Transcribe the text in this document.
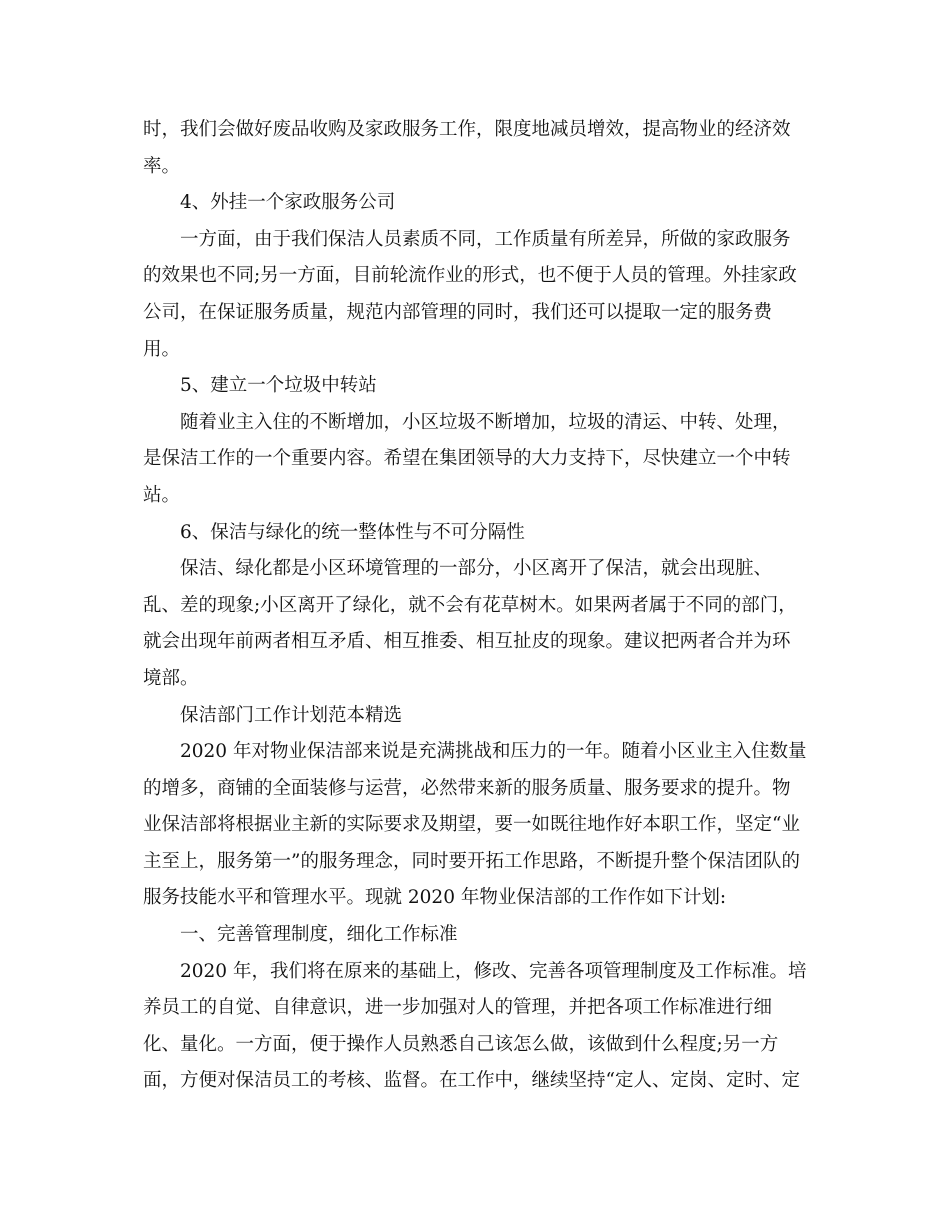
时，我们会做好废品收购及家政服务工作，限度地减员增效，提高物业的经济效
率。
4、外挂一个家政服务公司
一方面，由于我们保洁人员素质不同，工作质量有所差异，所做的家政服务
的效果也不同;另一方面，目前轮流作业的形式，也不便于人员的管理。外挂家政
公司，在保证服务质量，规范内部管理的同时，我们还可以提取一定的服务费
用。
5、建立一个垃圾中转站
随着业主入住的不断增加，小区垃圾不断增加，垃圾的清运、中转、处理，
是保洁工作的一个重要内容。希望在集团领导的大力支持下，尽快建立一个中转
站。
6、保洁与绿化的统一整体性与不可分隔性
保洁、绿化都是小区环境管理的一部分，小区离开了保洁，就会出现脏、
乱、差的现象;小区离开了绿化，就不会有花草树木。如果两者属于不同的部门，
就会出现年前两者相互矛盾、相互推委、相互扯皮的现象。建议把两者合并为环
境部。
保洁部门工作计划范本精选
2020 年对物业保洁部来说是充满挑战和压力的一年。随着小区业主入住数量
的增多，商铺的全面装修与运营，必然带来新的服务质量、服务要求的提升。物
业保洁部将根据业主新的实际要求及期望，要一如既往地作好本职工作，坚定“业
主至上，服务第一”的服务理念，同时要开拓工作思路，不断提升整个保洁团队的
服务技能水平和管理水平。现就 2020 年物业保洁部的工作作如下计划:
一、完善管理制度，细化工作标准
2020 年，我们将在原来的基础上，修改、完善各项管理制度及工作标准。培
养员工的自觉、自律意识，进一步加强对人的管理，并把各项工作标准进行细
化、量化。一方面，便于操作人员熟悉自己该怎么做，该做到什么程度;另一方
面，方便对保洁员工的考核、监督。在工作中，继续坚持“定人、定岗、定时、定
